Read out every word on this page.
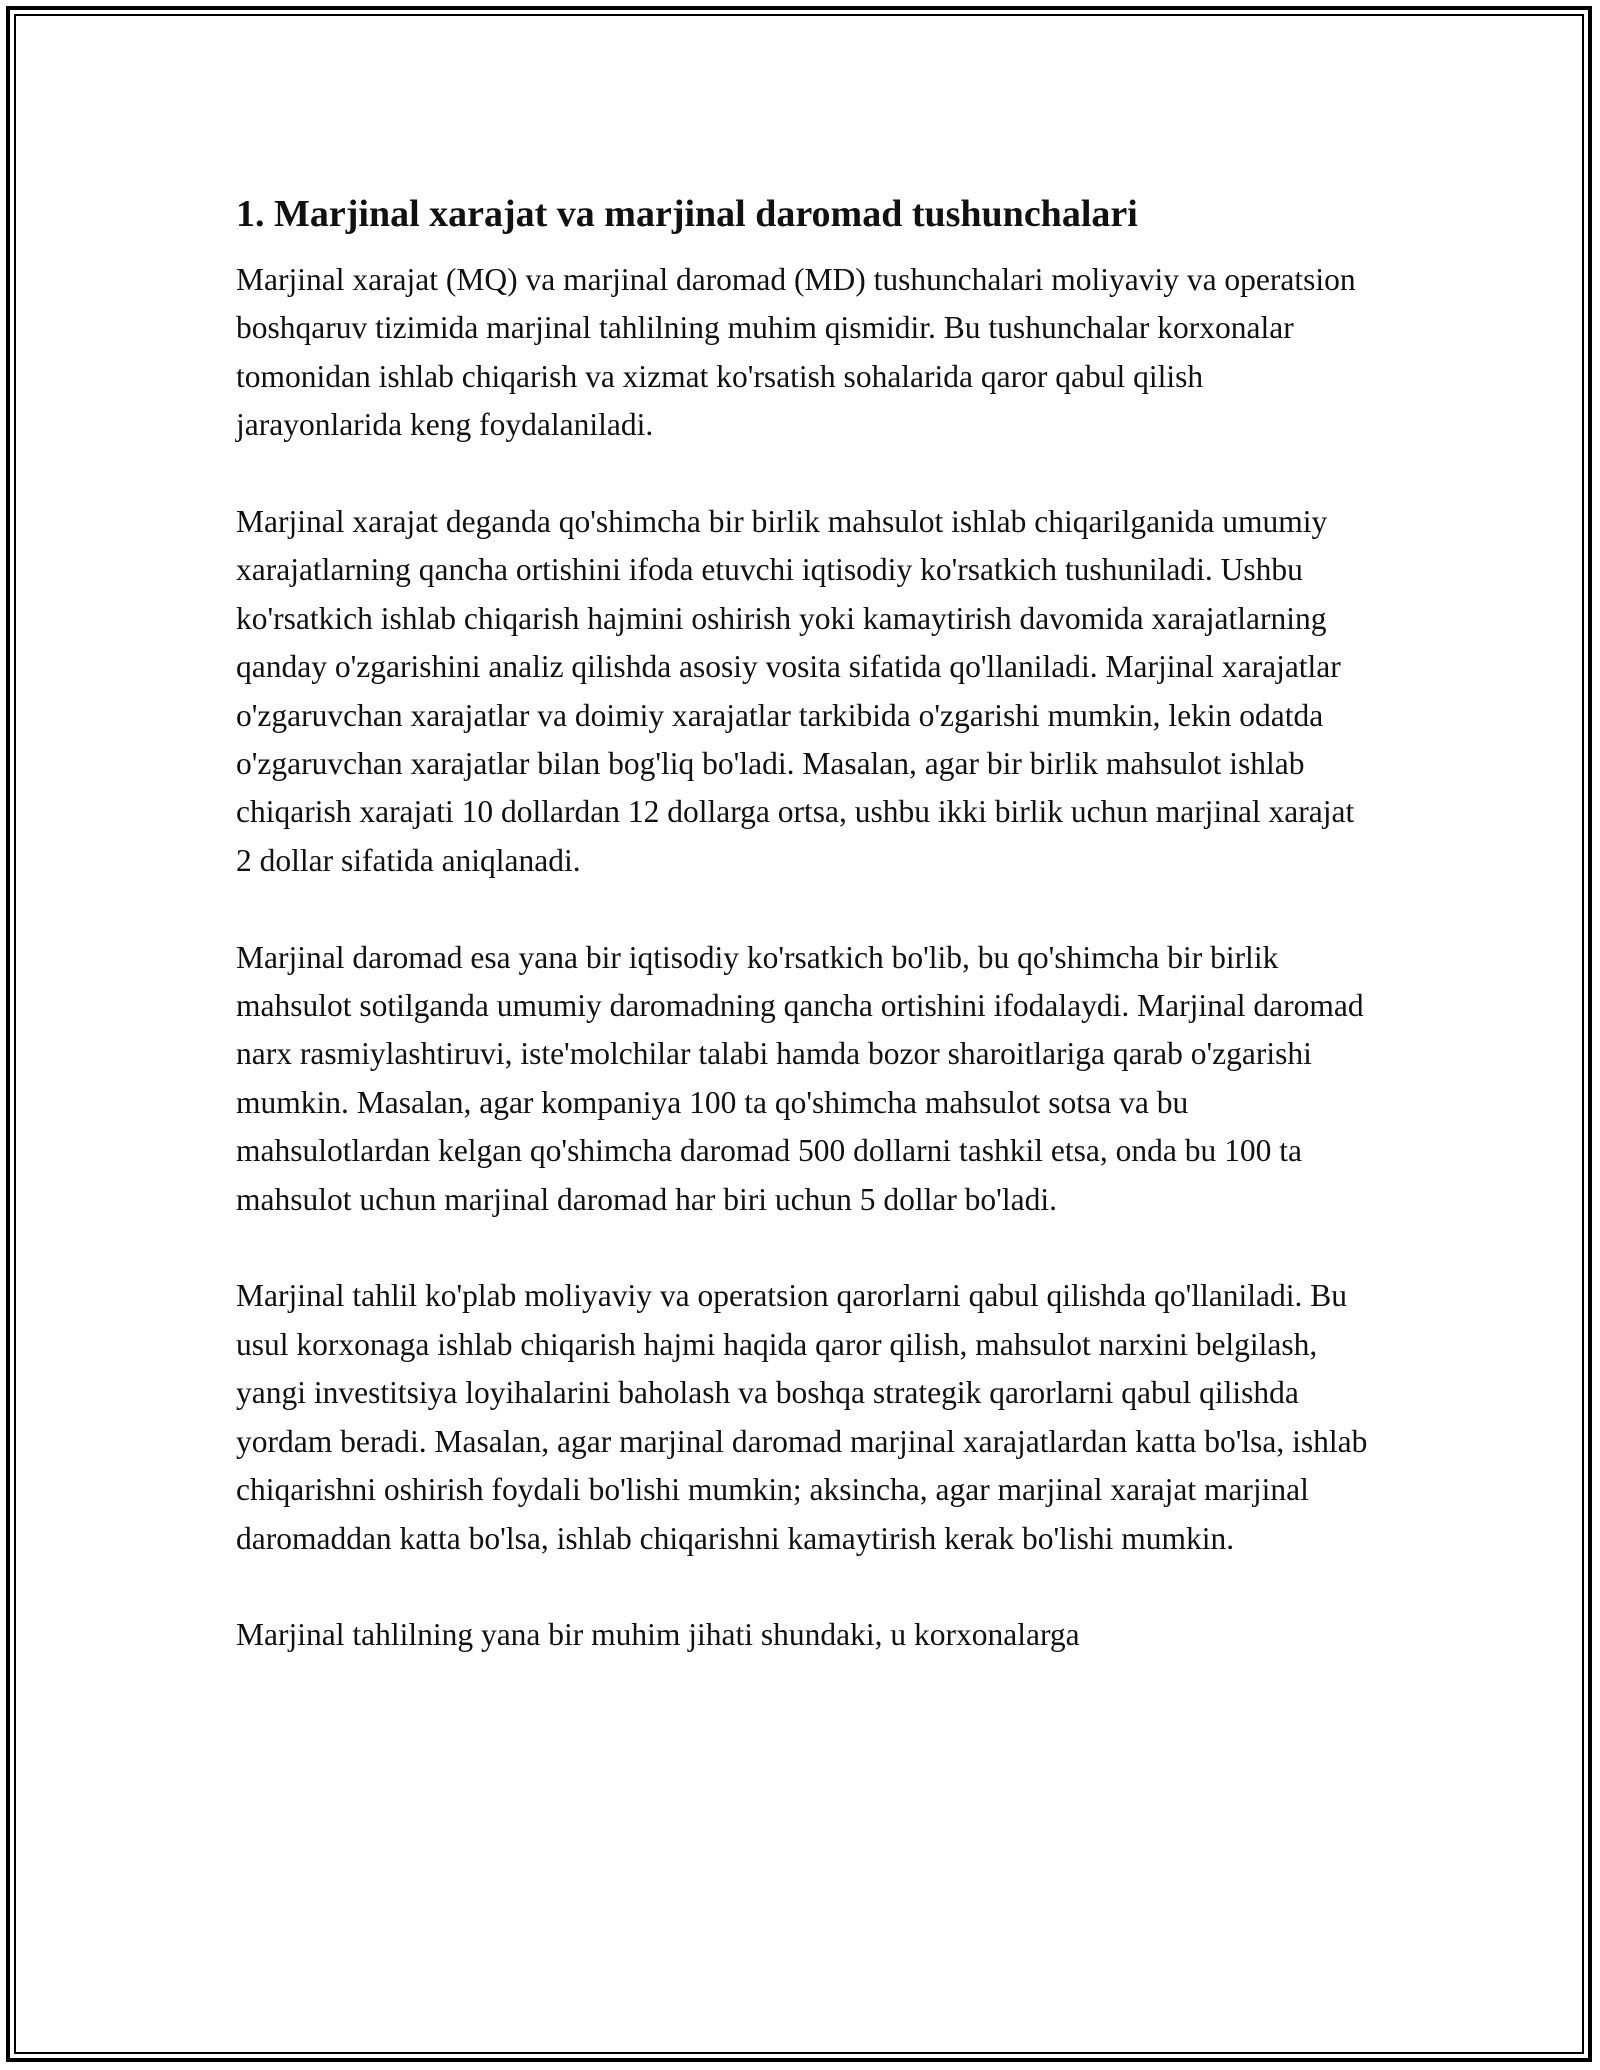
1. Marjinal xarajat va marjinal daromad tushunchalari

Marjinal xarajat (MQ) va marjinal daromad (MD) tushunchalari moliyaviy va operatsion boshqaruv tizimida marjinal tahlilning muhim qismidir. Bu tushunchalar korxonalar tomonidan ishlab chiqarish va xizmat ko'rsatish sohalarida qaror qabul qilish jarayonlarida keng foydalaniladi.

Marjinal xarajat deganda qo'shimcha bir birlik mahsulot ishlab chiqarilganida umumiy xarajatlarning qancha ortishini ifoda etuvchi iqtisodiy ko'rsatkich tushuniladi. Ushbu ko'rsatkich ishlab chiqarish hajmini oshirish yoki kamaytirish davomida xarajatlarning qanday o'zgarishini analiz qilishda asosiy vosita sifatida qo'llaniladi. Marjinal xarajatlar o'zgaruvchan xarajatlar va doimiy xarajatlar tarkibida o'zgarishi mumkin, lekin odatda o'zgaruvchan xarajatlar bilan bog'liq bo'ladi. Masalan, agar bir birlik mahsulot ishlab chiqarish xarajati 10 dollardan 12 dollarga ortsa, ushbu ikki birlik uchun marjinal xarajat 2 dollar sifatida aniqlanadi.

Marjinal daromad esa yana bir iqtisodiy ko'rsatkich bo'lib, bu qo'shimcha bir birlik mahsulot sotilganda umumiy daromadning qancha ortishini ifodalaydi. Marjinal daromad narx rasmiylashtiruvi, iste'molchilar talabi hamda bozor sharoitlariga qarab o'zgarishi mumkin. Masalan, agar kompaniya 100 ta qo'shimcha mahsulot sotsa va bu mahsulotlardan kelgan qo'shimcha daromad 500 dollarni tashkil etsa, onda bu 100 ta mahsulot uchun marjinal daromad har biri uchun 5 dollar bo'ladi.

Marjinal tahlil ko'plab moliyaviy va operatsion qarorlarni qabul qilishda qo'llaniladi. Bu usul korxonaga ishlab chiqarish hajmi haqida qaror qilish, mahsulot narxini belgilash, yangi investitsiya loyihalarini baholash va boshqa strategik qarorlarni qabul qilishda yordam beradi. Masalan, agar marjinal daromad marjinal xarajatlardan katta bo'lsa, ishlab chiqarishni oshirish foydali bo'lishi mumkin; aksincha, agar marjinal xarajat marjinal daromaddan katta bo'lsa, ishlab chiqarishni kamaytirish kerak bo'lishi mumkin.

Marjinal tahlilning yana bir muhim jihati shundaki, u korxonalarga
